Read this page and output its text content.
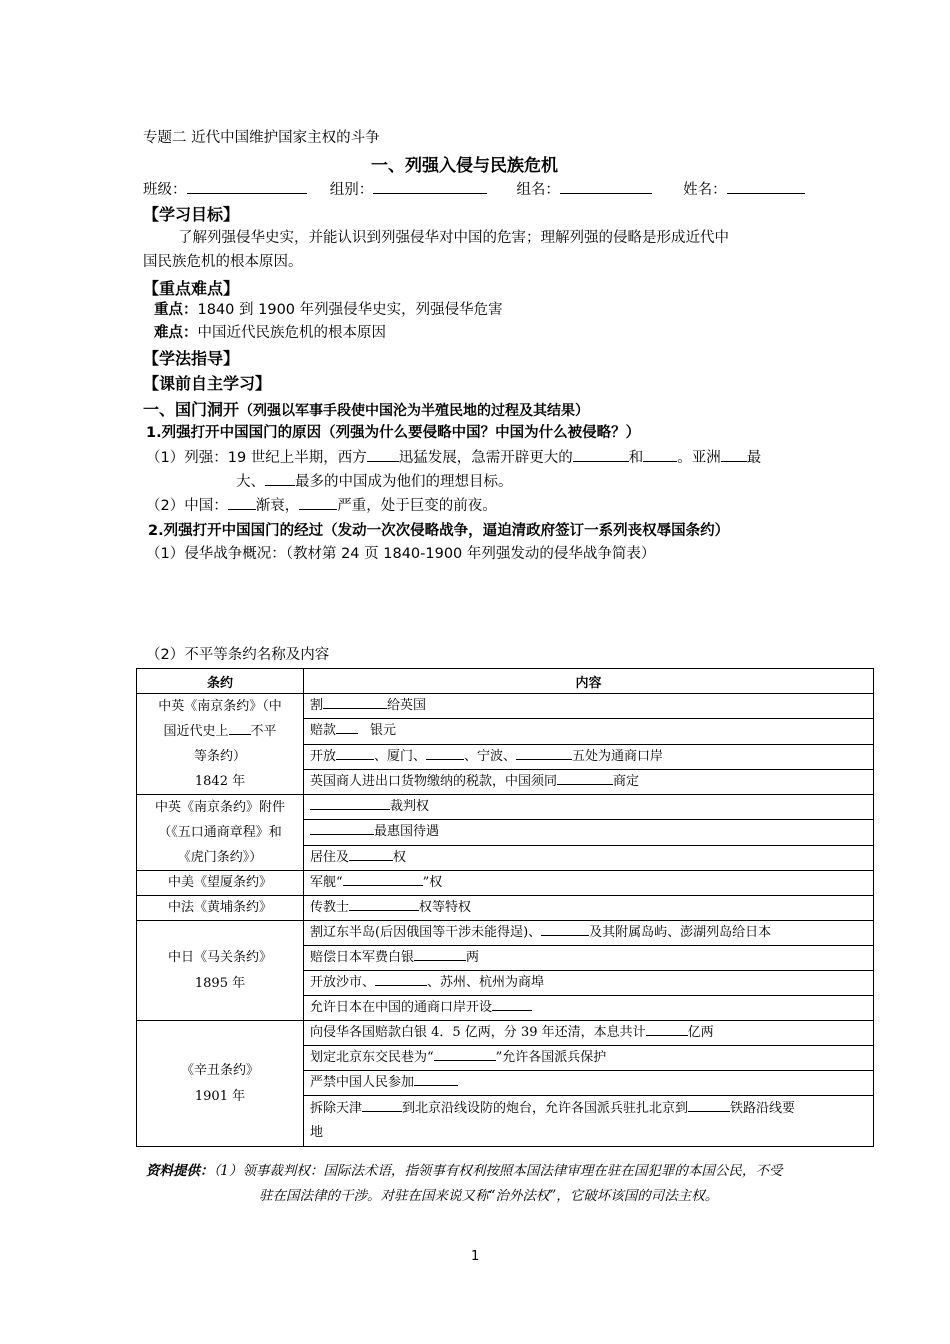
专题二 近代中国维护国家主权的斗争
一、列强入侵与民族危机
班级：	组别：	组名：	姓名：
【学习目标】
了解列强侵华史实，并能认识到列强侵华对中国的危害；理解列强的侵略是形成近代中
国民族危机的根本原因。
【重点难点】
重点：1840 到 1900 年列强侵华史实，列强侵华危害
难点：中国近代民族危机的根本原因
【学法指导】
【课前自主学习】
一、国门洞开（列强以军事手段使中国沦为半殖民地的过程及其结果）
1.列强打开中国国门的原因（列强为什么要侵略中国？中国为什么被侵略？）
（1）列强：19 世纪上半期，西方 迅猛发展，急需开辟更大的	和 。亚洲 最
大、 最多的中国成为他们的理想目标。
（2）中国： 渐衰，	严重，处于巨变的前夜。
2.列强打开中国国门的经过（发动一次次侵略战争，逼迫清政府签订一系列丧权辱国条约）
（1）侵华战争概况：（教材第 24 页 1840-1900 年列强发动的侵华战争简表）
（2）不平等条约名称及内容
条约	内容

中英《南京条约》（中
国近代史上 不平
等条约）
1842 年	割 给英国
	赔款 银元
	开放 、厦门、 、宁波、 五处为通商口岸
	英国商人进出口货物缴纳的税款，中国须同 商定

中英《南京条约》附件
（《五口通商章程》和
《虎门条约》）	裁判权
	最惠国待遇
	居住及 权
中美《望厦条约》	军舰“ ”权
中法《黄埔条约》	传教士 权等特权

中日《马关条约》
1895 年	割辽东半岛(后因俄国等干涉未能得逞)、 及其附属岛屿、澎湖列岛给日本
	赔偿日本军费白银 两
	开放沙市、 、苏州、杭州为商埠
	允许日本在中国的通商口岸开设

《辛丑条约》
1901 年	向侵华各国赔款白银 4．5 亿两，分 39 年还清，本息共计 亿两
	划定北京东交民巷为“ ”允许各国派兵保护
	严禁中国人民参加
	拆除天津 到北京沿线设防的炮台，允许各国派兵驻扎北京到 铁路沿线要
地
资料提供：（1）领事裁判权：国际法术语，指领事有权利按照本国法律审理在驻在国犯罪的本国公民，不受
驻在国法律的干涉。对驻在国来说又称“治外法权”，它破坏该国的司法主权。
1
